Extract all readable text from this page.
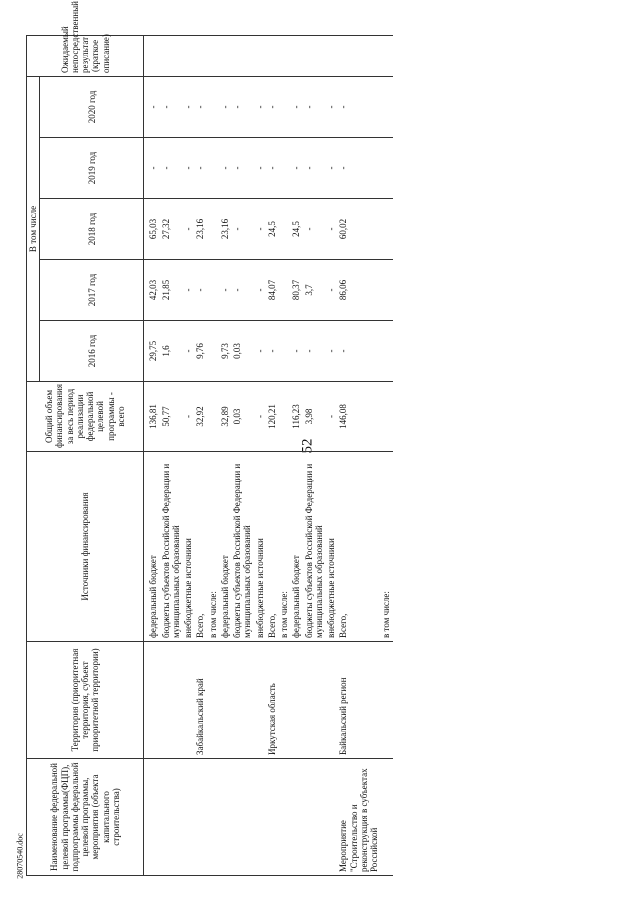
52
28070540.doc	Наименование федеральной целевой программы(ФЦП), подпрограммы федеральной целевой программы, мероприятия (объекта капитального строительства)	Территория (приоритетная территория, субъект приоритетной территории)	Источники финансирования	Общий объем финансирования за весь период реализации федеральной целевой программы - всего	В том числе					Ожидаемый непосредственный результат (краткое описание)
				2016 год	2017 год	2018 год	2019 год	2020 год	
		федеральный бюджет	136,81	29,75	42,03	65,03	-	-	
		бюджеты субъектов Российской Федерации и муниципальных образований	50,77	1,6	21,85	27,32	-	-	
		внебюджетные источники	-	-	-	-	-	-	
	Забайкальский край	Всего,	32,92	9,76	-	23,16	-	-	
		в том числе:							
		федеральный бюджет	32,89	9,73	-	23,16	-	-	
		бюджеты субъектов Российской Федерации и муниципальных образований	0,03	0,03	-	-	-	-	
		внебюджетные источники	-	-	-	-	-	-	
	Иркутская область	Всего,	120,21	-	84,07	24,5	-	-	
		в том числе:							
		федеральный бюджет	116,23	-	80,37	24,5	-	-	
		бюджеты субъектов Российской Федерации и муниципальных образований	3,98	-	3,7	-	-	-	
		внебюджетные источники	-	-	-	-	-	-	
Мероприятие "Строительство и реконструкция в субъектах Российской	Байкальский регион	Всего,	146,08	-	86,06	60,02	-	-	
		в том числе:							
